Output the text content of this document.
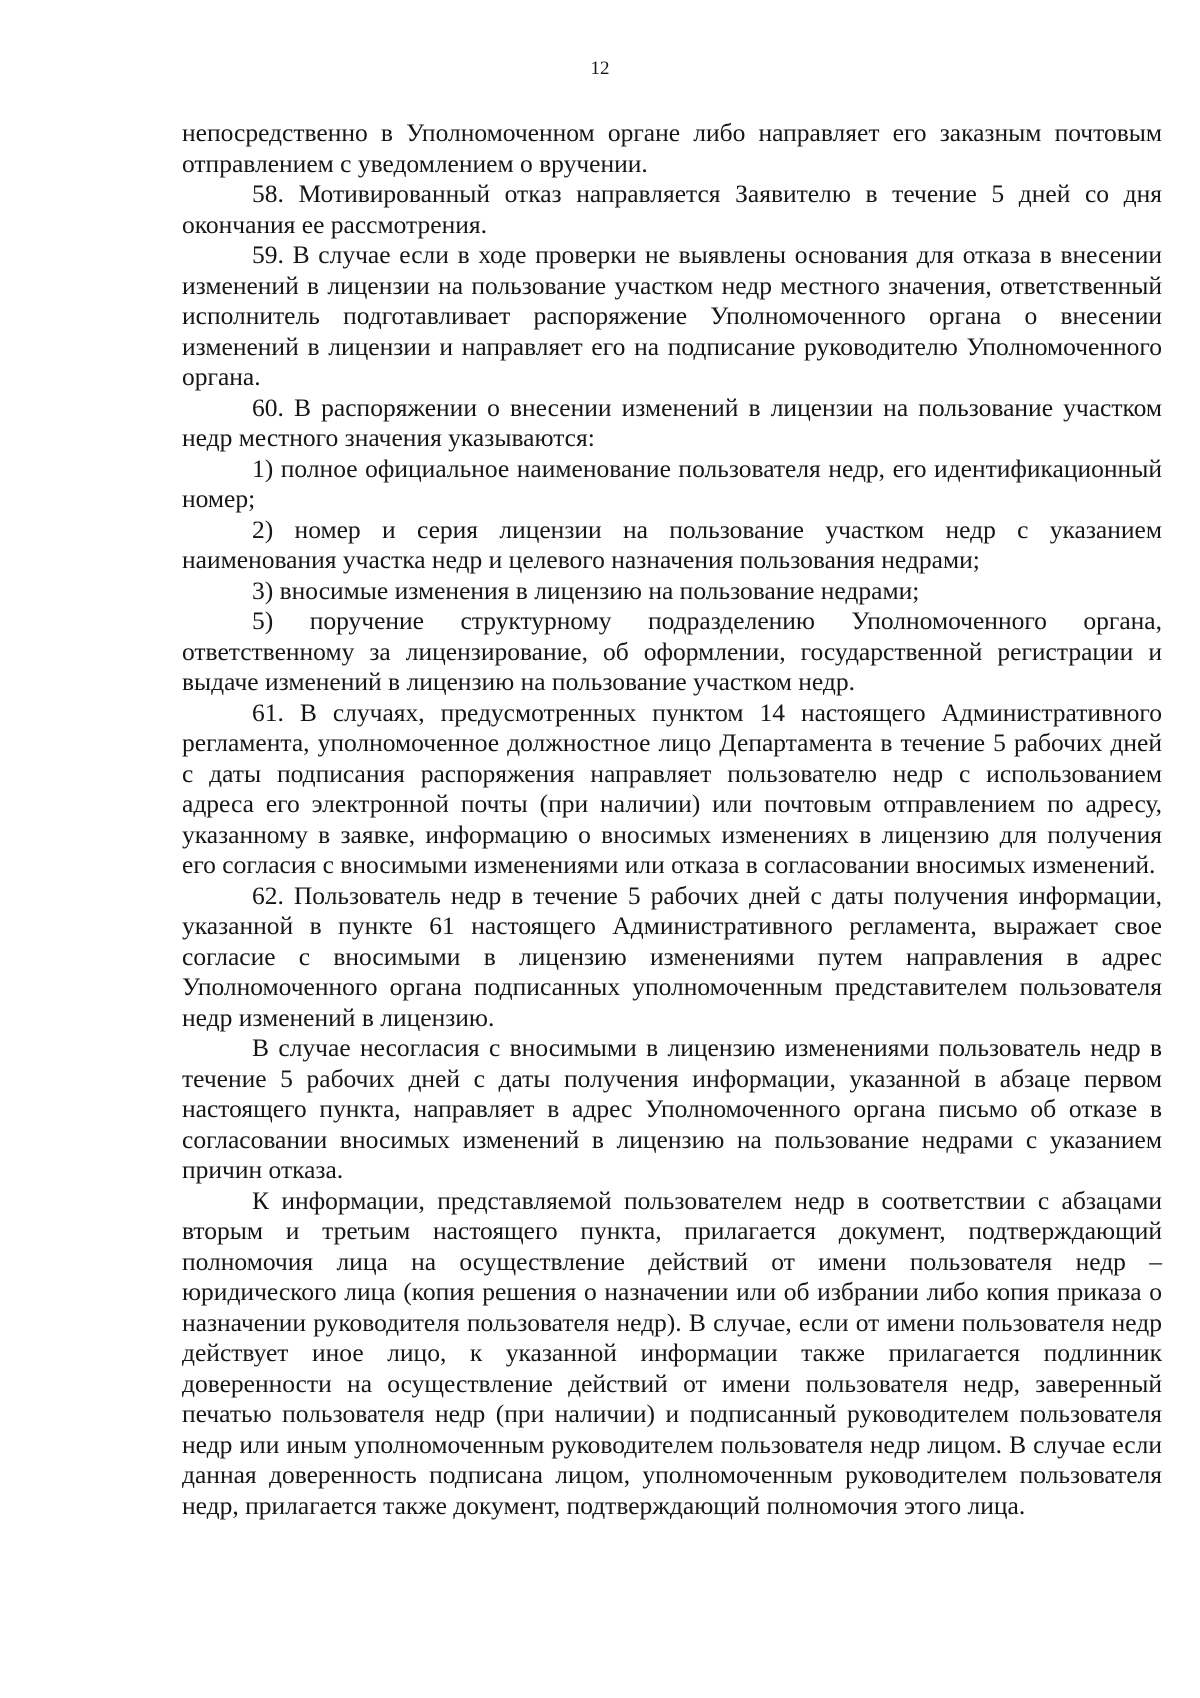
12

непосредственно в Уполномоченном органе либо направляет его заказным почтовым отправлением с уведомлением о вручении.

58. Мотивированный отказ направляется Заявителю в течение 5 дней со дня окончания ее рассмотрения.

59. В случае если в ходе проверки не выявлены основания для отказа в внесении изменений в лицензии на пользование участком недр местного значения, ответственный исполнитель подготавливает распоряжение Уполномоченного органа о внесении изменений в лицензии и направляет его на подписание руководителю Уполномоченного органа.

60. В распоряжении о внесении изменений в лицензии на пользование участком недр местного значения указываются:

1) полное официальное наименование пользователя недр, его идентификационный номер;

2) номер и серия лицензии на пользование участком недр с указанием наименования участка недр и целевого назначения пользования недрами;

3) вносимые изменения в лицензию на пользование недрами;

5) поручение структурному подразделению Уполномоченного органа, ответственному за лицензирование, об оформлении, государственной регистрации и выдаче изменений в лицензию на пользование участком недр.

61. В случаях, предусмотренных пунктом 14 настоящего Административного регламента, уполномоченное должностное лицо Департамента в течение 5 рабочих дней с даты подписания распоряжения направляет пользователю недр с использованием адреса его электронной почты (при наличии) или почтовым отправлением по адресу, указанному в заявке, информацию о вносимых изменениях в лицензию для получения его согласия с вносимыми изменениями или отказа в согласовании вносимых изменений.

62. Пользователь недр в течение 5 рабочих дней с даты получения информации, указанной в пункте 61 настоящего Административного регламента, выражает свое согласие с вносимыми в лицензию изменениями путем направления в адрес Уполномоченного органа подписанных уполномоченным представителем пользователя недр изменений в лицензию.

В случае несогласия с вносимыми в лицензию изменениями пользователь недр в течение 5 рабочих дней с даты получения информации, указанной в абзаце первом настоящего пункта, направляет в адрес Уполномоченного органа письмо об отказе в согласовании вносимых изменений в лицензию на пользование недрами с указанием причин отказа.

К информации, представляемой пользователем недр в соответствии с абзацами вторым и третьим настоящего пункта, прилагается документ, подтверждающий полномочия лица на осуществление действий от имени пользователя недр – юридического лица (копия решения о назначении или об избрании либо копия приказа о назначении руководителя пользователя недр). В случае, если от имени пользователя недр действует иное лицо, к указанной информации также прилагается подлинник доверенности на осуществление действий от имени пользователя недр, заверенный печатью пользователя недр (при наличии) и подписанный руководителем пользователя недр или иным уполномоченным руководителем пользователя недр лицом. В случае если данная доверенность подписана лицом, уполномоченным руководителем пользователя недр, прилагается также документ, подтверждающий полномочия этого лица.
